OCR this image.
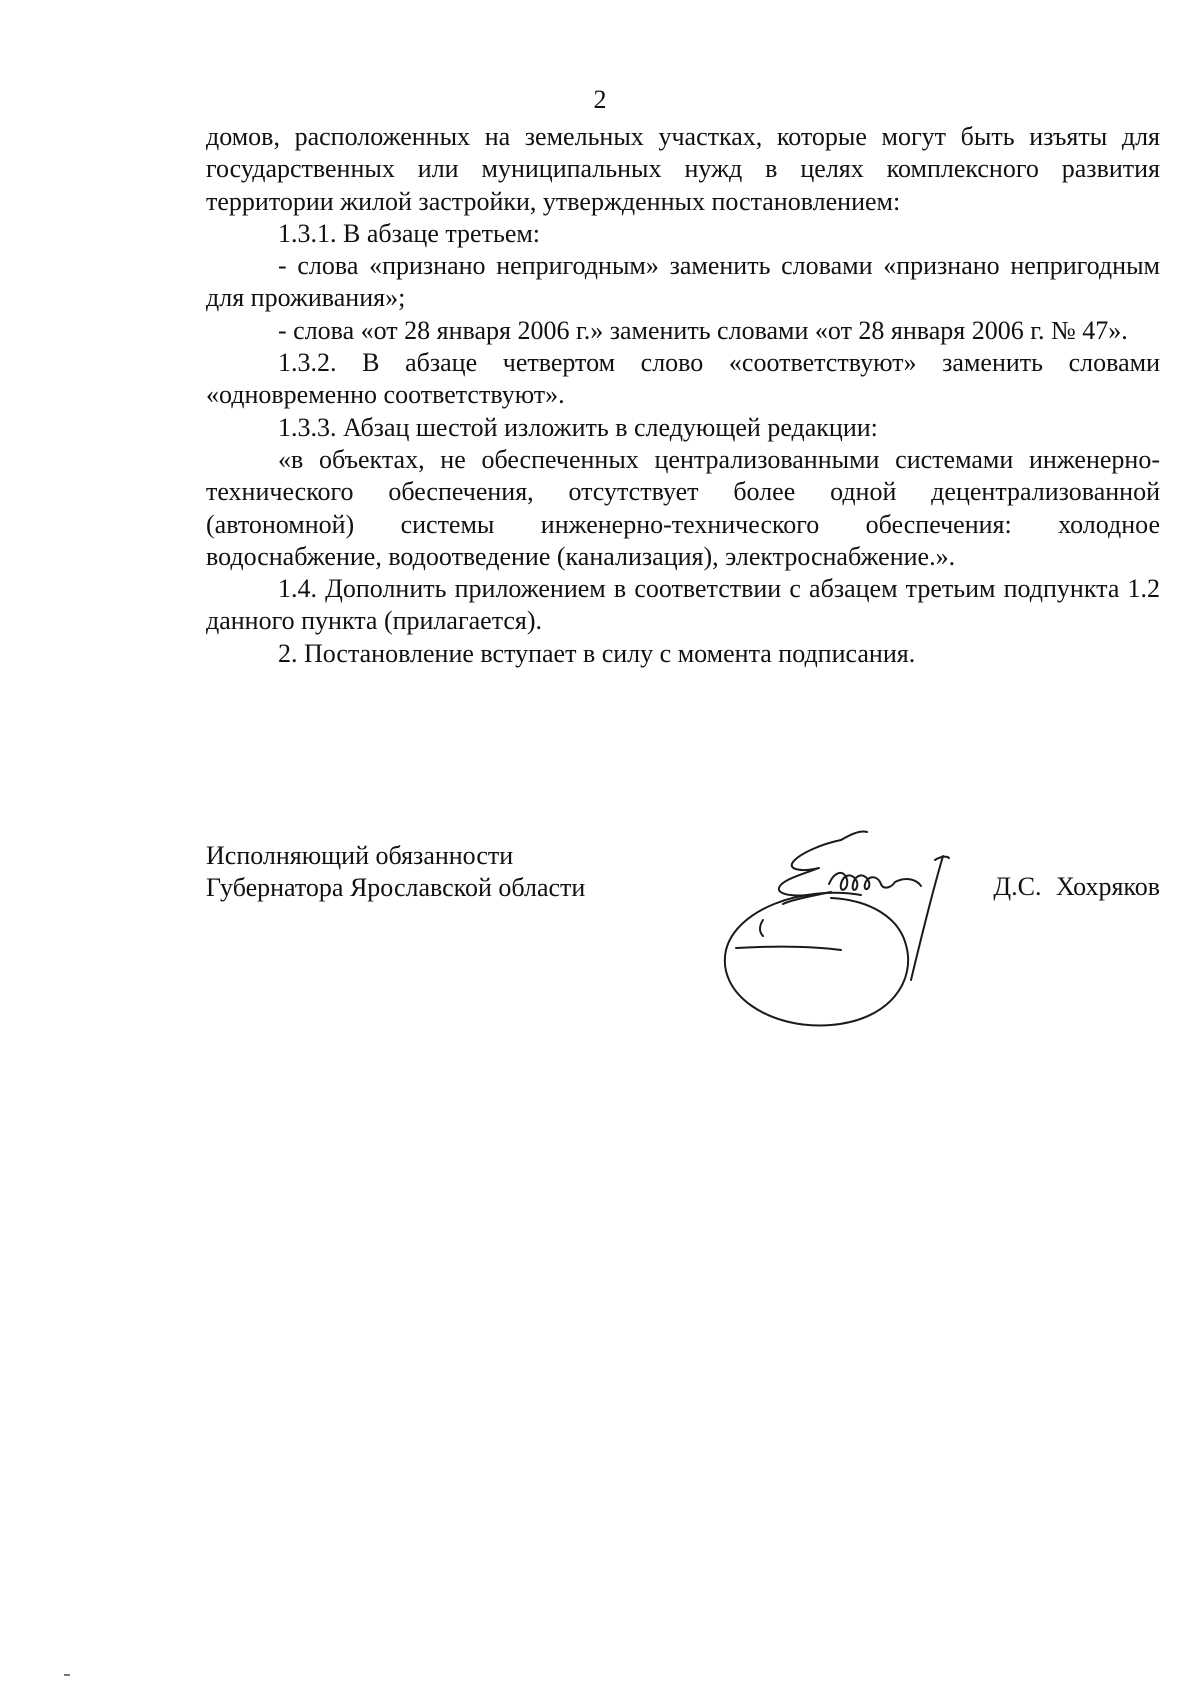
2

домов, расположенных на земельных участках, которые могут быть изъяты для государственных или муниципальных нужд в целях комплексного развития территории жилой застройки, утвержденных постановлением:

1.3.1. В абзаце третьем:

- слова «признано непригодным» заменить словами «признано непригодным для проживания»;

- слова «от 28 января 2006 г.» заменить словами «от 28 января 2006 г. № 47».

1.3.2. В абзаце четвертом слово «соответствуют» заменить словами «одновременно соответствуют».

1.3.3. Абзац шестой изложить в следующей редакции:

«в объектах, не обеспеченных централизованными системами инженерно-технического обеспечения, отсутствует более одной децентрализованной (автономной) системы инженерно-технического обеспечения: холодное водоснабжение, водоотведение (канализация), электроснабжение.».

1.4. Дополнить приложением в соответствии с абзацем третьим подпункта 1.2 данного пункта (прилагается).

2. Постановление вступает в силу с момента подписания.

Исполняющий обязанности
Губернатора Ярославской области	Д.С. Хохряков
